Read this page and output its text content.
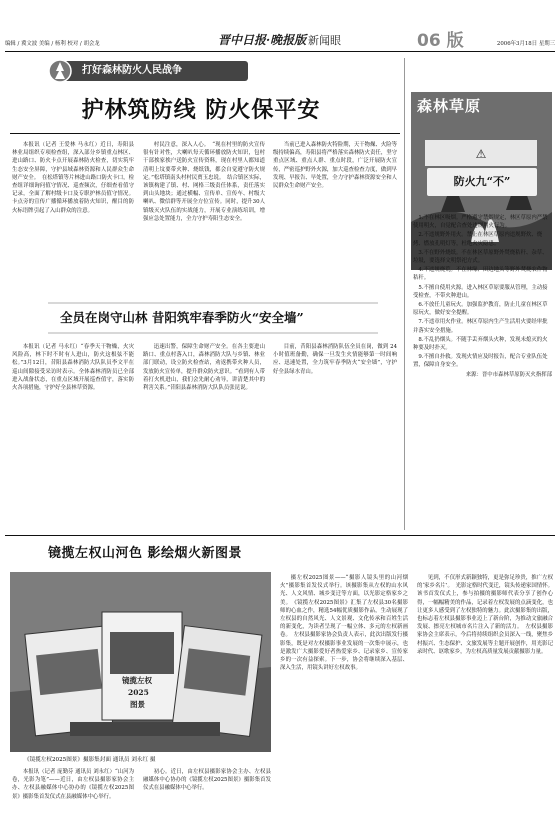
编辑 / 冀文波 美编 / 杨利 校对 / 胡会龙	晋中日报·晚报版 新闻眼	06 版	2006年3月18日 星期三
打好森林防火人民战争
护林筑防线 防火保平安

本报讯（记者 王爱林 马永红）近日，寿阳县林业局组织专项检查组，深入部分乡镇重点林区、进山路口、防火卡点开展森林防火检查，切实筑牢生态安全屏障，守护县域森林资源和人民群众生命财产安全。　在松塔镇等片林进山路口防火卡口，检查组详细询问值守情况、巡查频次，仔细查看值守记录，全面了解村级卡口及专职护林员值守情况。卡点旁的宣传广播循环播放着防火知识，醒目的防火标语牌引起了入山群众的注意。

村民注意，深入人心。　“现在村里的防火宣传很有针对性，大喇叭每天循环播放防火知识，包村干部挨家挨户送防火宣传资料，现在村里人都知道清明上坟要带火种、烧纸钱，都会自觉遵守防火规定。”松塔镇南头村村民贾玉忠说。　结合镇区实际，该镇构建了镇、村、网格三级责任体系，责任落实到山头地块；通过横幅、宣传单、宣传车、村级大喇叭、微信群等开展全方位宣传。同时，提升30人镇级灭火队伍的实战能力，开展专业演练培训，增强应急处置能力，全力守护寿阳生态安全。

当前已进入森林防火特险期，天干物燥、火险等级持续偏高，寿阳县将严格落实森林防火责任，坚守重点区域、重点人群、重点时段，广泛开展防火宣传，严密巡护野外火源，加大巡查检查力度，做到早发现、早报告、早处置，全力守护森林资源安全和人民群众生命财产安全。

⚠
森林草原
防火九“不”

1.不在林区吸烟。严格遵守禁烟规定，林区草原内严禁使用明火，自觉配合查处违规用火行为。

2.不违规野外用火。禁止在林区草原内违规野炊、烧烤、燃放孔明灯等，杜绝火灾隐患。

3.不在野外烧纸。不在林区草原野外焚烧秸秆、杂草、垃圾，要选择文明祭祀方式。

4.不违规烧荒。不在林缘、田边地头等野外焚烧农作物秸秆。

5.不擅自使用火源。进入林区草原要服从管理，主动接受检查，不带火种进山。

6.不放任儿童玩火。加强监护教育，防止儿童在林区草原玩火，做好安全提醒。

7.不违章用火作业。林区草原内生产生活用火要经审批并落实安全措施。

8.不乱扔烟头。不随手丢弃烟头火种，发现未熄灭的火种要及时扑灭。

9.不擅自扑救。发现火情应及时报告，配合专业队伍处置，保障自身安全。

来源：晋中市森林草原防灭火指挥部

全员在岗守山林 昔阳筑牢春季防火“安全墙”

本报讯（记者 马永红）“春季天干物燥，火灾风险高，林下时不时有人进山，防火这根弦不能松。”3月12日，昔阳县森林消防大队队员李文平在巡山间隙接受采访时表示。全体森林消防员已全部进入战备状态，在重点区域开展巡查值守，落实防火各项措施，守护好全县林草资源。

迅速出警，保障生命财产安全。在各主要进山路口、重点村落入口，森林消防大队与乡镇、林业部门联动，设立防火检查站，劝返携带火种人员，发放防火宣传单，提升群众防火意识。“看到有人带着打火机进山，我们会先耐心劝导，讲清楚其中的利害关系。”昔阳县森林消防大队队员张昆说。

目前，昔阳县森林消防队伍全员在岗，做到 24 小时值班备勤，确保一旦发生火情能够第一时间响应、迅速处置，全力筑牢春季防火“安全墙”，守护好全县绿水青山。

镜揽左权山河色 影绘烟火新图景
镜揽左权
2025
图景
《镜揽左权2025图景》摄影集封面 通讯员 刘永红 摄

本报讯（记者 庞勤芬 通讯员 刘永红）“山河为卷，光影为笔”——近日，由左权县摄影家协会主办、左权县融媒体中心协办的《镜揽左权2025图景》摄影集首发仪式在县融媒体中心举行。

初心。近日，由左权县摄影家协会主办、左权县融媒体中心协办的《镜揽左权2025图景》摄影集首发仪式在县融媒体中心举行。

摄左权2025图景——“摄影人镜头里的山河烟火”摄影集首发仪式举行。该摄影集从左权的山水风光、人文风情、城乡变迁等方面，以光影定格家乡之美。　《镜揽左权2025图景》汇集了左权县30名摄影师的心血之作，精选54幅优质摄影作品，生动展现了左权县的自然风光、人文景观、文化传承和百姓生活的新变化，为读者呈现了一幅立体、多元的左权新画卷。　左权县摄影家协会负责人表示，此次出版发行摄影集，既是对左权摄影事业发展的一次集中展示，也是激发广大摄影爱好者热爱家乡、记录家乡、宣传家乡的一次有益探索。下一步，协会将继续深入基层、深入生活，用镜头讲好左权故事。

见到，不仅形式新颖独特，更是弥足珍贵，推广左权的‘家乡名片’。　光影定格时代变迁，镜头传递家国情怀。该书首发仪式上，参与拍摄的摄影师代表分享了创作心得，一幅幅精美的作品，记录着左权发展的点滴变化，也让更多人感受到了左权独特的魅力。此次摄影集的出版，也标志着左权县摄影事业迈上了新台阶，为推动文旅融合发展、擦亮左权城市名片注入了新的活力。　左权县摄影家协会主席表示，今后将持续组织会员深入一线，聚焦乡村振兴、生态保护、文旅发展等主题开展创作，用光影记录时代、讴歌家乡，为左权高质量发展贡献摄影力量。
